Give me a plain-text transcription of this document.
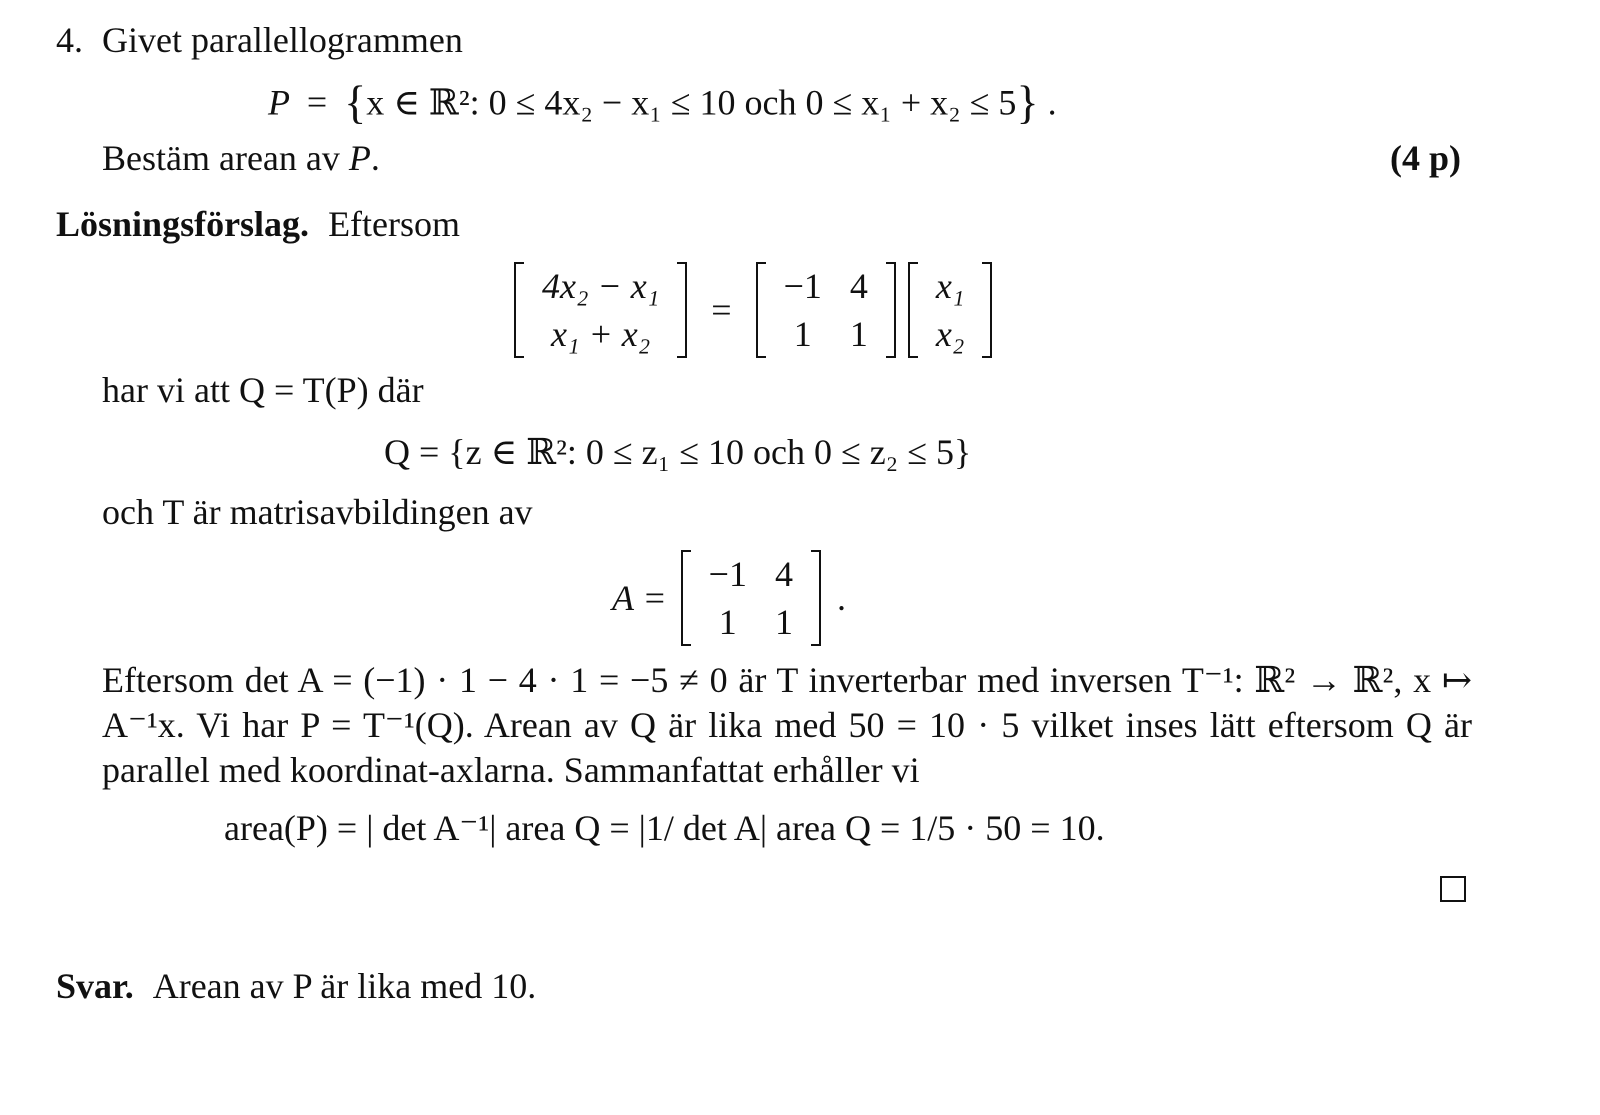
4. Givet parallellogrammen
P = {x ∈ ℝ²: 0 ≤ 4x₂ − x₁ ≤ 10 och 0 ≤ x₁ + x₂ ≤ 5} .
Bestäm arean av P.	(4 p)
Lösningsförslag. Eftersom
4x₂ − x₁
x₁ + x₂
=
−1	4
1	1
x₁
x₂
har vi att Q = T(P) där
Q = {z ∈ ℝ²: 0 ≤ z₁ ≤ 10 och 0 ≤ z₂ ≤ 5}
och T är matrisavbildingen av
A =
−1	4
1	1
.
Eftersom det A = (−1) · 1 − 4 · 1 = −5 ≠ 0 är T inverterbar med inversen T⁻¹: ℝ² → ℝ², x ↦ A⁻¹x. Vi har P = T⁻¹(Q). Arean av Q är lika med 50 = 10 · 5 vilket inses lätt eftersom Q är parallel med koordinat-axlarna. Sammanfattat erhåller vi
area(P) = | det A⁻¹| area Q = |1/ det A| area Q = 1/5 · 50 = 10.
Svar. Arean av P är lika med 10.
